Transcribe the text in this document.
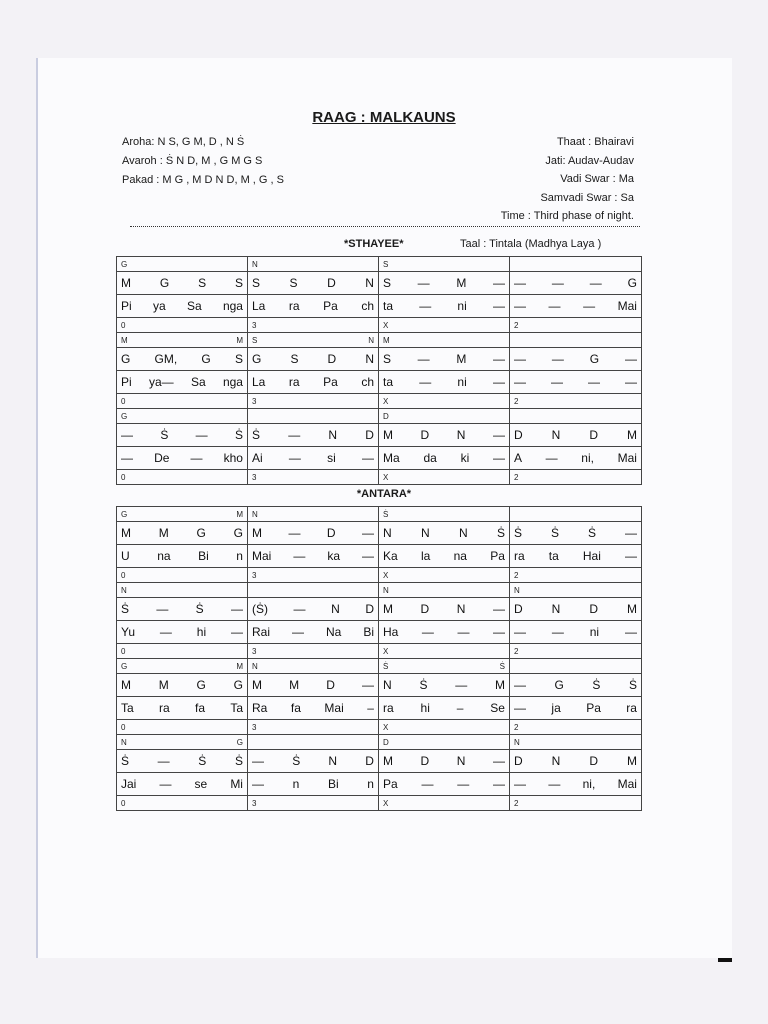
RAAG : MALKAUNS
Aroha: N S, G M, D , N Ṡ
Avaroh : Ṡ N D, M , G M G S
Pakad : M G , M D N D, M , G , S
Thaat : Bhairavi
Jati: Audav-Audav
Vadi Swar : Ma
Samvadi Swar : Sa
Time : Third phase of night.
*STHAYEE*	Taal : Tintala (Madhya Laya )
G	N	S	

M G S S	S S D N	S — M —	— — — G

Pi ya Sa nga	La ra Pa ch	ta — ni —	— — — Mai

0	3	X	2

M M	S N	M	

G GM, G S	G S D N	S — M —	— — G —

Pi ya— Sa nga	La ra Pa ch	ta — ni —	— — — —

0	3	X	2

G		D	

— Ṡ — Ṡ	Ṡ — N D	M D N —	D N D M

— De — kho	Ai — si —	Ma da ki —	A — ni, Mai

0	3	X	2
*ANTARA*
G M	N	Ṡ	

M M G G	M — D —	N N N Ṡ	Ṡ Ṡ Ṡ —

U na Bi n	Mai — ka —	Ka la na Pa	ra ta Hai —

0	3	X	2

N		N	N

Ṡ — Ṡ —	(Ṡ) — N D	M D N —	D N D M

Yu — hi —	Rai — Na Bi	Ha — — —	— — ni —

0	3	X	2

G M	N	Ṡ Ṡ	

M M G G	M M D —	N Ṡ — M	— G Ṡ Ṡ

Ta ra fa Ta	Ra fa Mai –	ra hi – Se	— ja Pa ra

0	3	X	2

N G		D	N

Ṡ — Ṡ Ṡ	— Ṡ N D	M D N —	D N D M

Jai — se Mi	— n Bi n	Pa — — —	— — ni, Mai

0	3	X	2
